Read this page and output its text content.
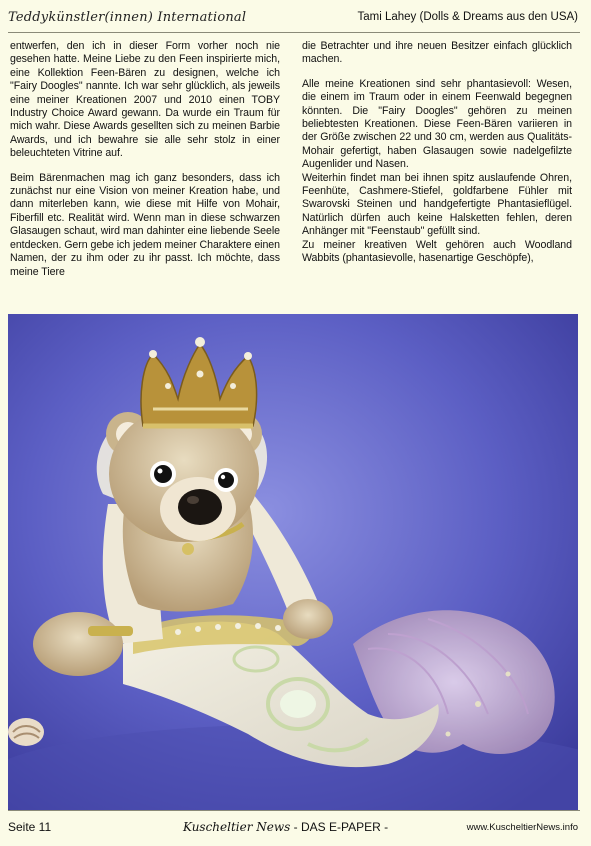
Teddykünstler(innen) International	Tami Lahey (Dolls & Dreams aus den USA)

entwerfen, den ich in dieser Form vorher noch nie gesehen hatte. Meine Liebe zu den Feen inspirierte mich, eine Kollektion Feen-Bären zu designen, welche ich "Fairy Doogles" nannte. Ich war sehr glücklich, als jeweils eine meiner Kreationen 2007 und 2010 einen TOBY Industry Choice Award gewann. Da wurde ein Traum für mich wahr. Diese Awards gesellten sich zu meinen Barbie Awards, und ich bewahre sie alle sehr stolz in einer beleuchteten Vitrine auf.

Beim Bärenmachen mag ich ganz besonders, dass ich zunächst nur eine Vision von meiner Kreation habe, und dann miterleben kann, wie diese mit Hilfe von Mohair, Fiberfill etc. Realität wird. Wenn man in diese schwarzen Glasaugen schaut, wird man dahinter eine liebende Seele entdecken. Gern gebe ich jedem meiner Charaktere einen Namen, der zu ihm oder zu ihr passt. Ich möchte, dass meine Tiere

die Betrachter und ihre neuen Besitzer einfach glücklich machen.

Alle meine Kreationen sind sehr phantasievoll: Wesen, die einem im Traum oder in einem Feenwald begegnen könnten. Die "Fairy Doogles" gehören zu meinen beliebtesten Kreationen. Diese Feen-Bären variieren in der Größe zwischen 22 und 30 cm, werden aus Qualitäts-Mohair gefertigt, haben Glasaugen sowie nadelgefilzte Augenlider und Nasen.

Weiterhin findet man bei ihnen spitz auslaufende Ohren, Feenhüte, Cashmere-Stiefel, goldfarbene Fühler mit Swarovski Steinen und handgefertigte Phantasieflügel. Natürlich dürfen auch keine Halsketten fehlen, deren Anhänger mit "Feenstaub" gefüllt sind.

Zu meiner kreativen Welt gehören auch Woodland Wabbits (phantasievolle, hasenartige Geschöpfe),

Seite 11	Kuscheltier News - DAS E-PAPER -	www.KuscheltierNews.info
